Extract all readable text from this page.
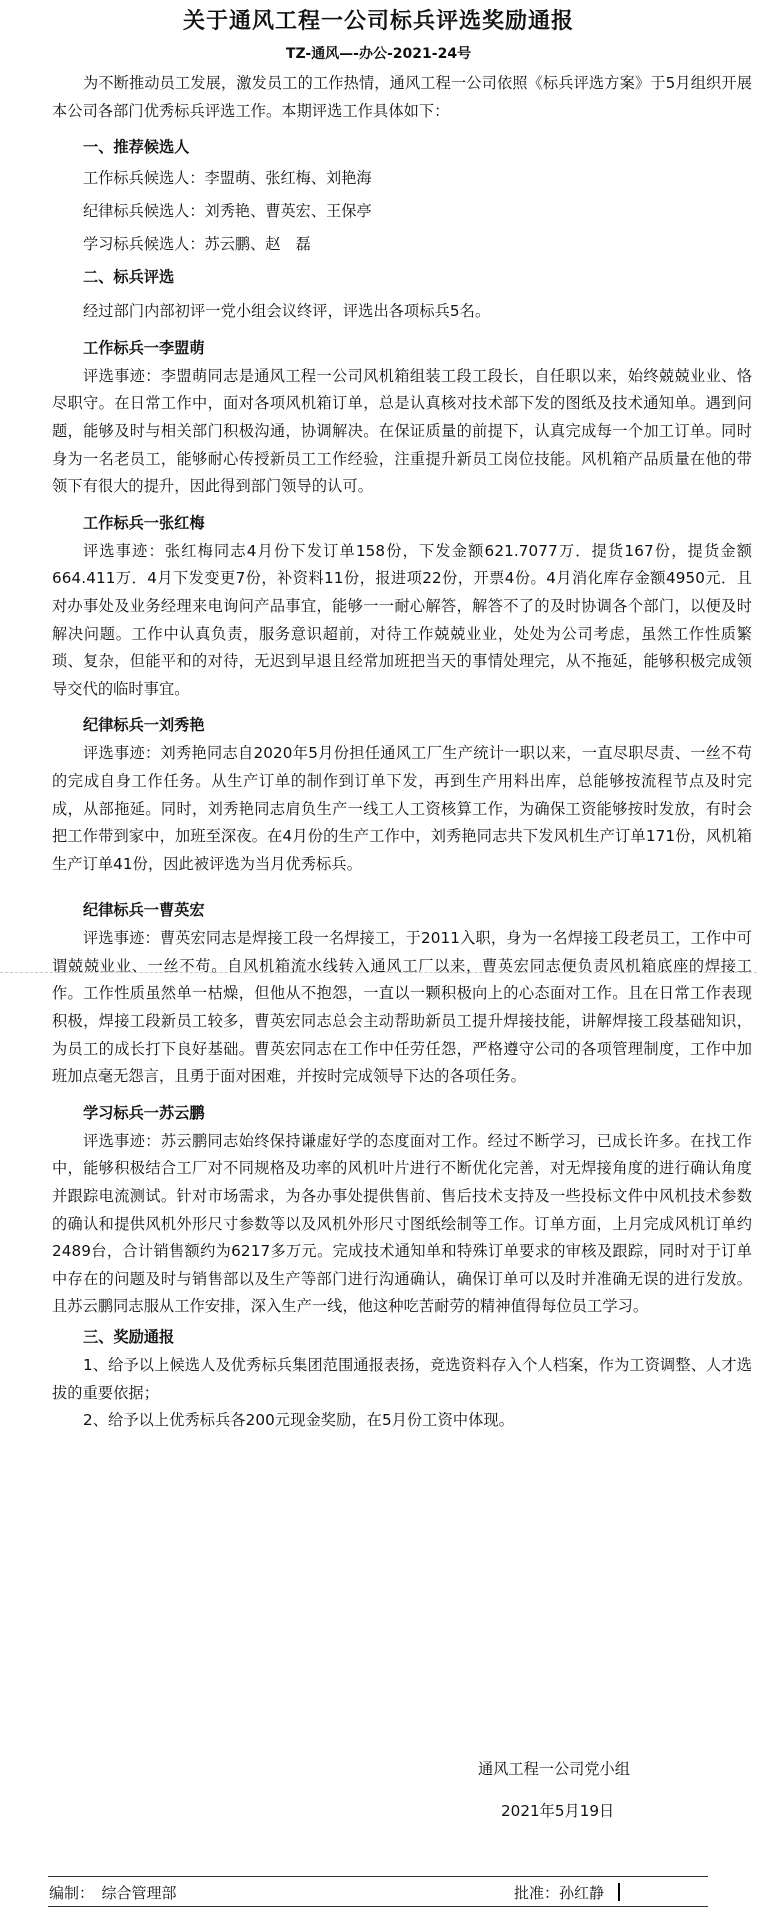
关于通风工程一公司标兵评选奖励通报
TZ-通风—-办公-2021-24号

为不断推动员工发展，激发员工的工作热情，通风工程一公司依照《标兵评选方案》于5月组织开展本公司各部门优秀标兵评选工作。本期评选工作具体如下：

一、推荐候选人

工作标兵候选人：李盟萌、张红梅、刘艳海

纪律标兵候选人：刘秀艳、曹英宏、王保亭

学习标兵候选人：苏云鹏、赵　磊

二、标兵评选

经过部门内部初评一党小组会议终评，评选出各项标兵5名。

工作标兵一李盟萌

评选事迹：李盟萌同志是通风工程一公司风机箱组装工段工段长，自任职以来，始终兢兢业业、恪尽职守。在日常工作中，面对各项风机箱订单，总是认真核对技术部下发的图纸及技术通知单。遇到问题，能够及时与相关部门积极沟通，协调解决。在保证质量的前提下，认真完成每一个加工订单。同时身为一名老员工，能够耐心传授新员工工作经验，注重提升新员工岗位技能。风机箱产品质量在他的带领下有很大的提升，因此得到部门领导的认可。

工作标兵一张红梅

评选事迹：张红梅同志4月份下发订单158份，下发金额621.7077万．提货167份，提货金额664.411万．4月下发变更7份，补资料11份，报进项22份，开票4份。4月消化库存金额4950元．且对办事处及业务经理来电询问产品事宜，能够一一耐心解答，解答不了的及时协调各个部门，以便及时解决问题。工作中认真负责，服务意识超前，对待工作兢兢业业，处处为公司考虑，虽然工作性质繁琐、复杂，但能平和的对待，无迟到早退且经常加班把当天的事情处理完，从不拖延，能够积极完成领导交代的临时事宜。

纪律标兵一刘秀艳

评选事迹：刘秀艳同志自2020年5月份担任通风工厂生产统计一职以来，一直尽职尽责、一丝不苟的完成自身工作任务。从生产订单的制作到订单下发，再到生产用料出库，总能够按流程节点及时完成，从部拖延。同时，刘秀艳同志肩负生产一线工人工资核算工作，为确保工资能够按时发放，有时会把工作带到家中，加班至深夜。在4月份的生产工作中，刘秀艳同志共下发风机生产订单171份，风机箱生产订单41份，因此被评选为当月优秀标兵。

纪律标兵一曹英宏

评选事迹：曹英宏同志是焊接工段一名焊接工，于2011入职，身为一名焊接工段老员工，工作中可谓兢兢业业、一丝不苟。自风机箱流水线转入通风工厂以来，曹英宏同志便负责风机箱底座的焊接工作。工作性质虽然单一枯燥，但他从不抱怨，一直以一颗积极向上的心态面对工作。且在日常工作表现积极，焊接工段新员工较多，曹英宏同志总会主动帮助新员工提升焊接技能，讲解焊接工段基础知识，为员工的成长打下良好基础。曹英宏同志在工作中任劳任怨，严格遵守公司的各项管理制度，工作中加班加点毫无怨言，且勇于面对困难，并按时完成领导下达的各项任务。

学习标兵一苏云鹏

评选事迹：苏云鹏同志始终保持谦虚好学的态度面对工作。经过不断学习，已成长许多。在找工作中，能够积极结合工厂对不同规格及功率的风机叶片进行不断优化完善，对无焊接角度的进行确认角度并跟踪电流测试。针对市场需求，为各办事处提供售前、售后技术支持及一些投标文件中风机技术参数的确认和提供风机外形尺寸参数等以及风机外形尺寸图纸绘制等工作。订单方面，上月完成风机订单约2489台，合计销售额约为6217多万元。完成技术通知单和特殊订单要求的审核及跟踪，同时对于订单中存在的问题及时与销售部以及生产等部门进行沟通确认，确保订单可以及时并准确无误的进行发放。且苏云鹏同志服从工作安排，深入生产一线，他这种吃苦耐劳的精神值得每位员工学习。

三、奖励通报

1、给予以上候选人及优秀标兵集团范围通报表扬，竞选资料存入个人档案，作为工资调整、人才选拔的重要依据；

2、给予以上优秀标兵各200元现金奖励，在5月份工资中体现。

通风工程一公司党小组
2021年5月19日
编制：　综合管理部	批准：孙红静
